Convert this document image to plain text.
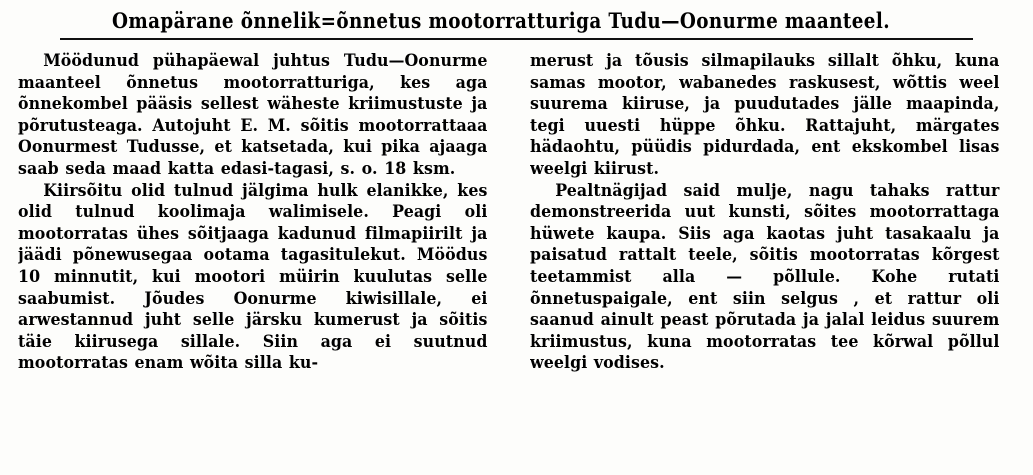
Omapärane õnnelik=õnnetus mootorratturiga Tudu—Oonurme maanteel.

Möödunud pühapäewal juhtus Tudu—Oonurme maanteel õnnetus mootorratturiga, kes aga õnnekombel pääsis sellest wäheste kriimustuste ja põrutusteaga. Autojuht E. M. sõitis mootorrattaaa Oonurmest Tudusse, et katsetada, kui pika ajaaga saab seda maad katta edasi-tagasi, s. o. 18 ksm.

Kiirsõitu olid tulnud jälgima hulk elanikke, kes olid tulnud koolimaja walimisele. Peagi oli mootorratas ühes sõitjaaga kadunud filmapiirilt ja jäädi põnewusegaa ootama tagasitulekut. Möödus 10 minnutit, kui mootori müirin kuulutas selle saabumist. Jõudes Oonurme kiwisillale, ei arwestannud juht selle järsku kumerust ja sõitis täie kiirusega sillale. Siin aga ei suutnud mootorratas enam wõita silla ku-

merust ja tõusis silmapilauks sillalt õhku, kuna samas mootor, wabanedes raskusest, wõttis weel suurema kiiruse, ja puudutades jälle maapinda, tegi uuesti hüppe õhku. Rattajuht, märgates hädaohtu, püüdis pidurdada, ent ekskombel lisas weelgi kiirust.

Pealtnägijad said mulje, nagu tahaks rattur demonstreerida uut kunsti, sõites mootorrattaga hüwete kaupa. Siis aga kaotas juht tasakaalu ja paisatud rattalt teele, sõitis mootorratas kõrgest teetammist alla — põllule. Kohe rutati õnnetuspaigale, ent siin selgus , et rattur oli saanud ainult peast põrutada ja jalal leidus suurem kriimustus, kuna mootorratas tee kõrwal põllul weelgi vodises.
